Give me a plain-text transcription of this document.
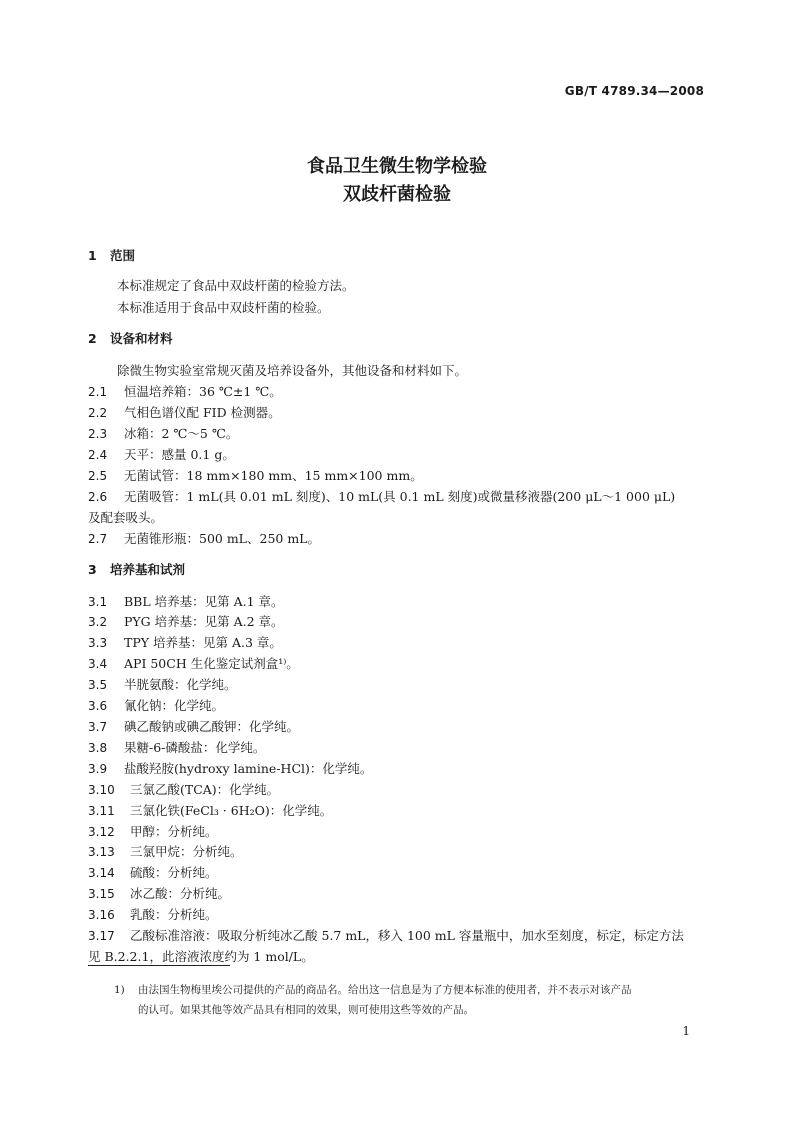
GB/T 4789.34—2008
食品卫生微生物学检验
双歧杆菌检验
1 范围
本标准规定了食品中双歧杆菌的检验方法。
本标准适用于食品中双歧杆菌的检验。
2 设备和材料
除微生物实验室常规灭菌及培养设备外，其他设备和材料如下。
2.1 恒温培养箱：36 ℃±1 ℃。
2.2 气相色谱仪配 FID 检测器。
2.3 冰箱：2 ℃～5 ℃。
2.4 天平：感量 0.1 g。
2.5 无菌试管：18 mm×180 mm、15 mm×100 mm。
2.6 无菌吸管：1 mL(具 0.01 mL 刻度)、10 mL(具 0.1 mL 刻度)或微量移液器(200 μL～1 000 μL)
及配套吸头。
2.7 无菌锥形瓶：500 mL、250 mL。
3 培养基和试剂
3.1 BBL 培养基：见第 A.1 章。
3.2 PYG 培养基：见第 A.2 章。
3.3 TPY 培养基：见第 A.3 章。
3.4 API 50CH 生化鉴定试剂盒¹⁾。
3.5 半胱氨酸：化学纯。
3.6 氰化钠：化学纯。
3.7 碘乙酸钠或碘乙酸钾：化学纯。
3.8 果糖-6-磷酸盐：化学纯。
3.9 盐酸羟胺(hydroxy lamine-HCl)：化学纯。
3.10 三氯乙酸(TCA)：化学纯。
3.11 三氯化铁(FeCl₃ · 6H₂O)：化学纯。
3.12 甲醇：分析纯。
3.13 三氯甲烷：分析纯。
3.14 硫酸：分析纯。
3.15 冰乙酸：分析纯。
3.16 乳酸：分析纯。
3.17 乙酸标准溶液：吸取分析纯冰乙酸 5.7 mL，移入 100 mL 容量瓶中，加水至刻度，标定，标定方法
见 B.2.2.1，此溶液浓度约为 1 mol/L。
1) 由法国生物梅里埃公司提供的产品的商品名。给出这一信息是为了方便本标准的使用者，并不表示对该产品
的认可。如果其他等效产品具有相同的效果，则可使用这些等效的产品。
1
